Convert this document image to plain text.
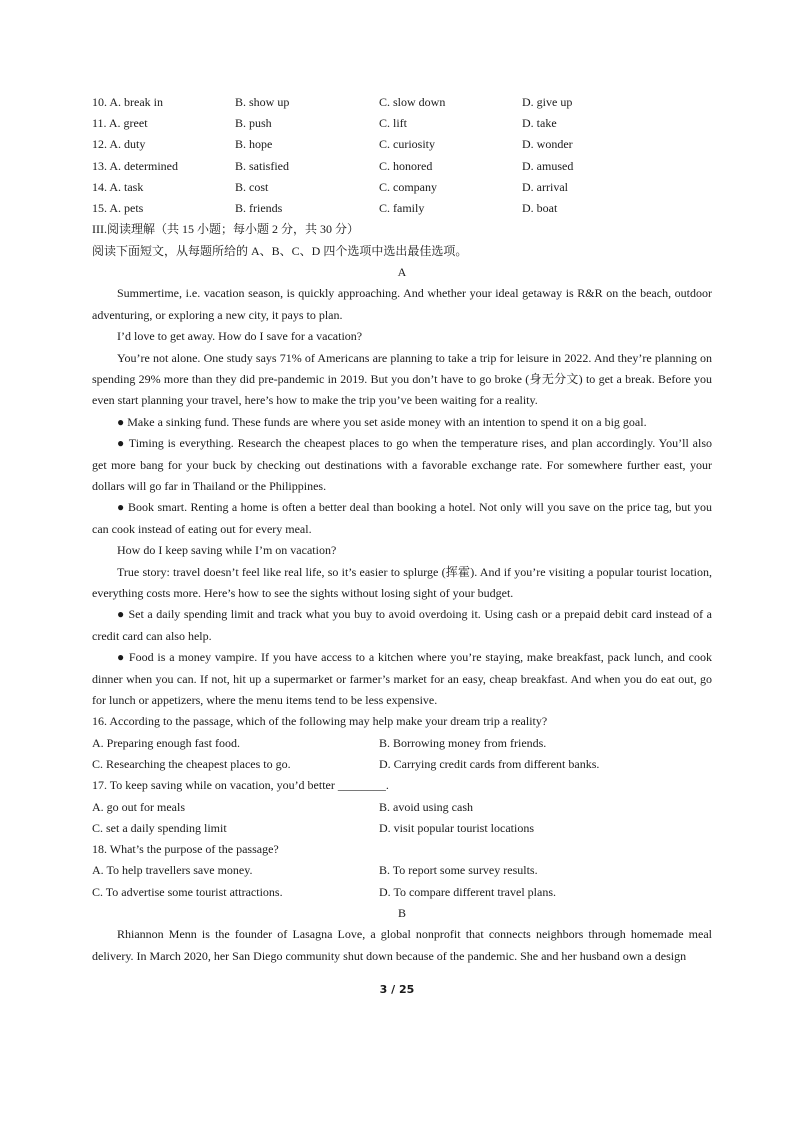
10. A. break in	B. show up	C. slow down	D. give up
11. A. greet	B. push	C. lift	D. take
12. A. duty	B. hope	C. curiosity	D. wonder
13. A. determined	B. satisfied	C. honored	D. amused
14. A. task	B. cost	C. company	D. arrival
15. A. pets	B. friends	C. family	D. boat
III.阅读理解（共 15 小题；每小题 2 分，共 30 分）
阅读下面短文，从每题所给的 A、B、C、D 四个选项中选出最佳选项。
A
Summertime, i.e. vacation season, is quickly approaching. And whether your ideal getaway is R&R on the beach, outdoor adventuring, or exploring a new city, it pays to plan.
I’d love to get away. How do I save for a vacation?
You’re not alone. One study says 71% of Americans are planning to take a trip for leisure in 2022. And they’re planning on spending 29% more than they did pre-pandemic in 2019. But you don’t have to go broke (身无分文) to get a break. Before you even start planning your travel, here’s how to make the trip you’ve been waiting for a reality.
● Make a sinking fund. These funds are where you set aside money with an intention to spend it on a big goal.
● Timing is everything. Research the cheapest places to go when the temperature rises, and plan accordingly. You’ll also get more bang for your buck by checking out destinations with a favorable exchange rate. For somewhere further east, your dollars will go far in Thailand or the Philippines.
● Book smart. Renting a home is often a better deal than booking a hotel. Not only will you save on the price tag, but you can cook instead of eating out for every meal.
How do I keep saving while I’m on vacation?
True story: travel doesn’t feel like real life, so it’s easier to splurge (挥霍). And if you’re visiting a popular tourist location, everything costs more. Here’s how to see the sights without losing sight of your budget.
● Set a daily spending limit and track what you buy to avoid overdoing it. Using cash or a prepaid debit card instead of a credit card can also help.
● Food is a money vampire. If you have access to a kitchen where you’re staying, make breakfast, pack lunch, and cook dinner when you can. If not, hit up a supermarket or farmer’s market for an easy, cheap breakfast. And when you do eat out, go for lunch or appetizers, where the menu items tend to be less expensive.
16. According to the passage, which of the following may help make your dream trip a reality?
A. Preparing enough fast food.	B. Borrowing money from friends.
C. Researching the cheapest places to go.	D. Carrying credit cards from different banks.
17. To keep saving while on vacation, you’d better ________.
A. go out for meals	B. avoid using cash
C. set a daily spending limit	D. visit popular tourist locations
18. What’s the purpose of the passage?
A. To help travellers save money.	B. To report some survey results.
C. To advertise some tourist attractions.	D. To compare different travel plans.
B
Rhiannon Menn is the founder of Lasagna Love, a global nonprofit that connects neighbors through homemade meal delivery. In March 2020, her San Diego community shut down because of the pandemic. She and her husband own a design
3 / 25
